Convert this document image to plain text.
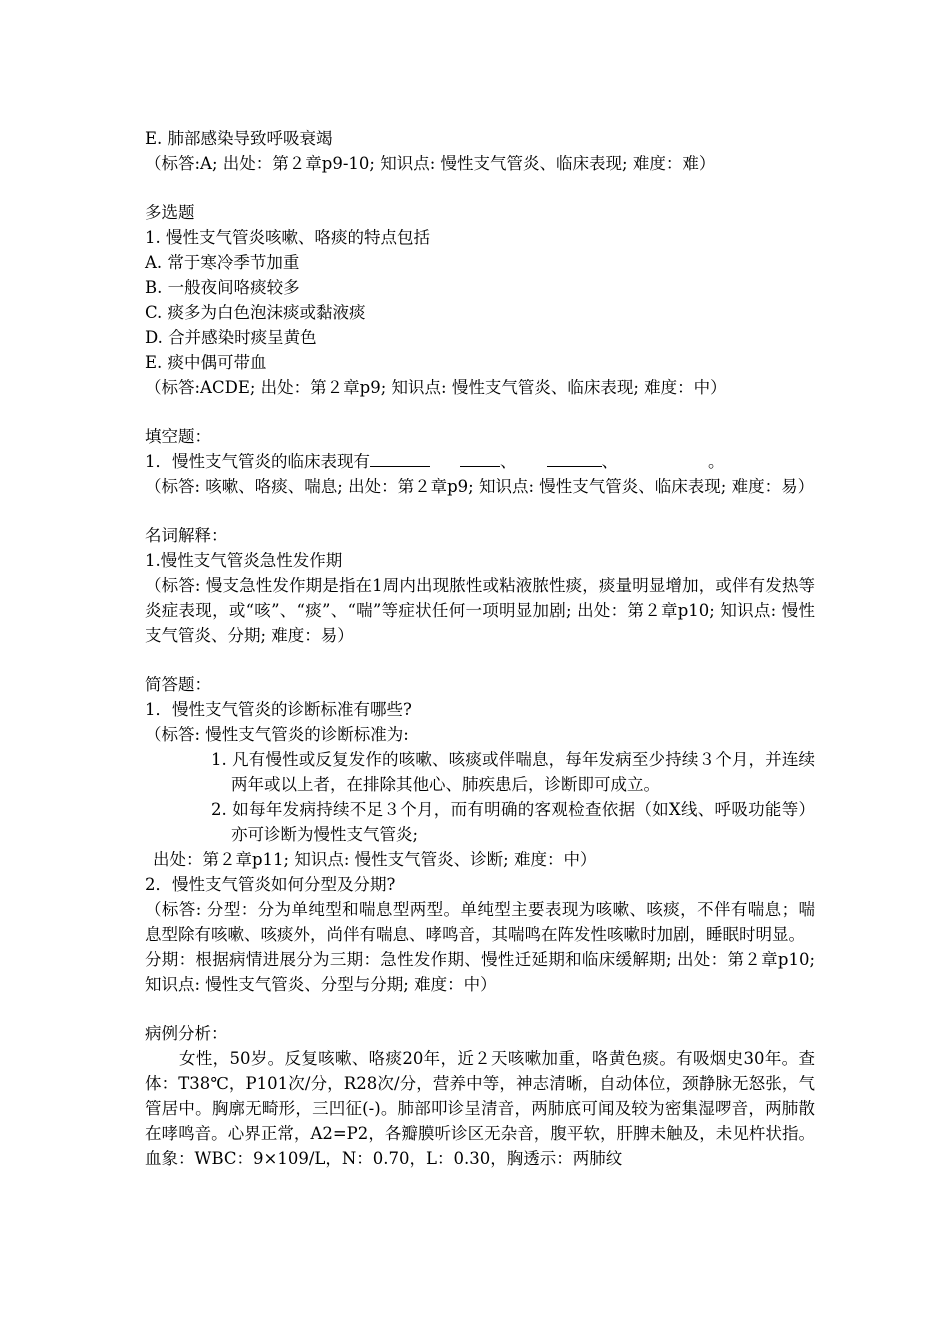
E. 肺部感染导致呼吸衰竭
（标答:A; 出处：第２章p9-10; 知识点: 慢性支气管炎、临床表现; 难度：难）
多选题
1. 慢性支气管炎咳嗽、咯痰的特点包括
A. 常于寒冷季节加重
B. 一般夜间咯痰较多
C. 痰多为白色泡沫痰或黏液痰
D. 合并感染时痰呈黄色
E. 痰中偶可带血
（标答:ACDE; 出处：第２章p9; 知识点: 慢性支气管炎、临床表现; 难度：中）
填空题：
1．慢性支气管炎的临床表现有	、	、	。
（标答: 咳嗽、咯痰、喘息; 出处：第２章p9; 知识点: 慢性支气管炎、临床表现; 难度：易）
名词解释：
1.慢性支气管炎急性发作期
（标答: 慢支急性发作期是指在1周内出现脓性或粘液脓性痰，痰量明显增加，或伴有发热等炎症表现，或“咳”、“痰”、“喘”等症状任何一项明显加剧; 出处：第２章p10; 知识点: 慢性支气管炎、分期; 难度：易）
简答题：
1．慢性支气管炎的诊断标准有哪些?
（标答: 慢性支气管炎的诊断标准为:
1. 凡有慢性或反复发作的咳嗽、咳痰或伴喘息，每年发病至少持续３个月，并连续两年或以上者，在排除其他心、肺疾患后，诊断即可成立。
2. 如每年发病持续不足３个月，而有明确的客观检查依据（如X线、呼吸功能等）亦可诊断为慢性支气管炎;
出处：第２章p11; 知识点: 慢性支气管炎、诊断; 难度：中）
2．慢性支气管炎如何分型及分期?
（标答: 分型：分为单纯型和喘息型两型。单纯型主要表现为咳嗽、咳痰，不伴有喘息；喘息型除有咳嗽、咳痰外，尚伴有喘息、哮鸣音，其喘鸣在阵发性咳嗽时加剧，睡眠时明显。
分期：根据病情进展分为三期：急性发作期、慢性迁延期和临床缓解期; 出处：第２章p10; 知识点: 慢性支气管炎、分型与分期; 难度：中）
病例分析：
女性，50岁。反复咳嗽、咯痰20年，近２天咳嗽加重，咯黄色痰。有吸烟史30年。查体：T38℃，P101次/分，R28次/分，营养中等，神志清晰，自动体位，颈静脉无怒张，气管居中。胸廓无畸形，三凹征(-)。肺部叩诊呈清音，两肺底可闻及较为密集湿啰音，两肺散在哮鸣音。心界正常，A2=P2，各瓣膜听诊区无杂音，腹平软，肝脾未触及，未见杵状指。血象：WBC：9×109/L，N：0.70，L：0.30，胸透示：两肺纹
